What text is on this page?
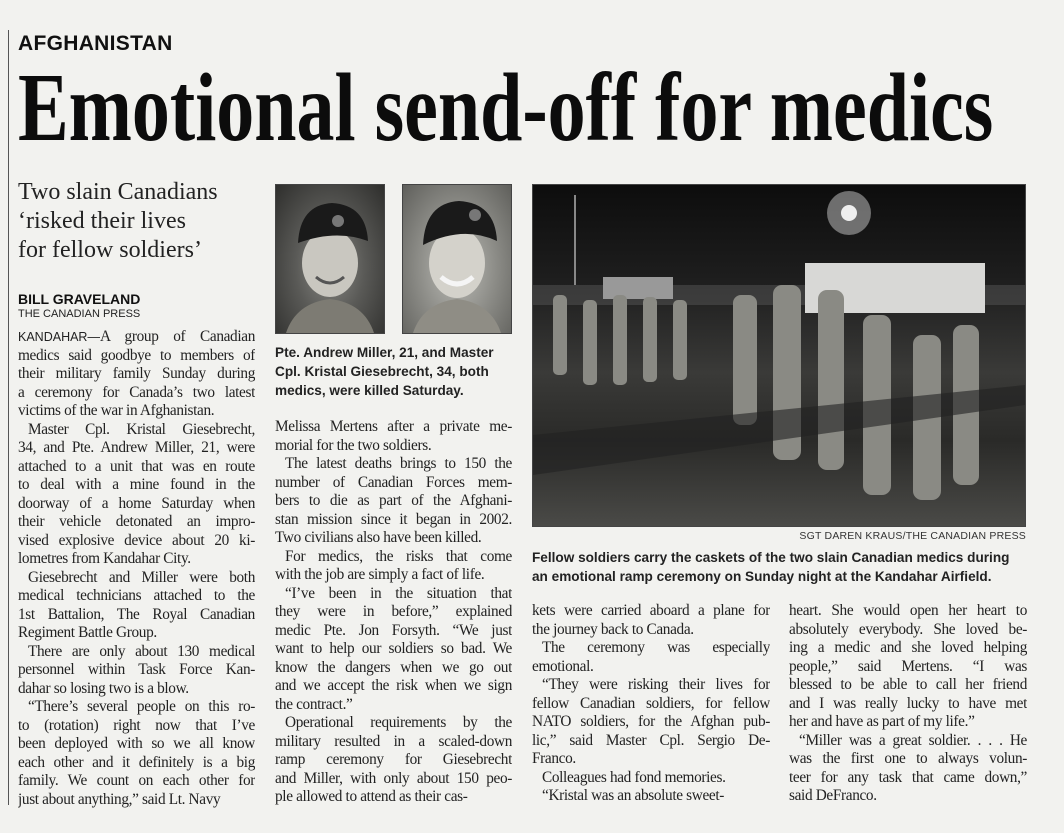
AFGHANISTAN
Emotional send-off for medics
Two slain Canadians
‘risked their lives
for fellow soldiers’
BILL GRAVELAND
THE CANADIAN PRESS
Pte. Andrew Miller, 21, and Master
Cpl. Kristal Giesebrecht, 34, both
medics, were killed Saturday.
SGT DAREN KRAUS/THE CANADIAN PRESS
Fellow soldiers carry the caskets of the two slain Canadian medics during
an emotional ramp ceremony on Sunday night at the Kandahar Airfield.
KANDAHAR—A group of Canadian
medics said goodbye to members of
their military family Sunday during
a ceremony for Canada’s two latest
victims of the war in Afghanistan.
Master Cpl. Kristal Giesebrecht,
34, and Pte. Andrew Miller, 21, were
attached to a unit that was en route
to deal with a mine found in the
doorway of a home Saturday when
their vehicle detonated an impro-
vised explosive device about 20 ki-
lometres from Kandahar City.
Giesebrecht and Miller were both
medical technicians attached to the
1st Battalion, The Royal Canadian
Regiment Battle Group.
There are only about 130 medical
personnel within Task Force Kan-
dahar so losing two is a blow.
“There’s several people on this ro-
to (rotation) right now that I’ve
been deployed with so we all know
each other and it definitely is a big
family. We count on each other for
just about anything,” said Lt. Navy
Melissa Mertens after a private me-
morial for the two soldiers.
The latest deaths brings to 150 the
number of Canadian Forces mem-
bers to die as part of the Afghani-
stan mission since it began in 2002.
Two civilians also have been killed.
For medics, the risks that come
with the job are simply a fact of life.
“I’ve been in the situation that
they were in before,” explained
medic Pte. Jon Forsyth. “We just
want to help our soldiers so bad. We
know the dangers when we go out
and we accept the risk when we sign
the contract.”
Operational requirements by the
military resulted in a scaled-down
ramp ceremony for Giesebrecht
and Miller, with only about 150 peo-
ple allowed to attend as their cas-
kets were carried aboard a plane for
the journey back to Canada.
The ceremony was especially
emotional.
“They were risking their lives for
fellow Canadian soldiers, for fellow
NATO soldiers, for the Afghan pub-
lic,” said Master Cpl. Sergio De-
Franco.
Colleagues had fond memories.
“Kristal was an absolute sweet-
heart. She would open her heart to
absolutely everybody. She loved be-
ing a medic and she loved helping
people,” said Mertens. “I was
blessed to be able to call her friend
and I was really lucky to have met
her and have as part of my life.”
“Miller was a great soldier. . . . He
was the first one to always volun-
teer for any task that came down,”
said DeFranco.
